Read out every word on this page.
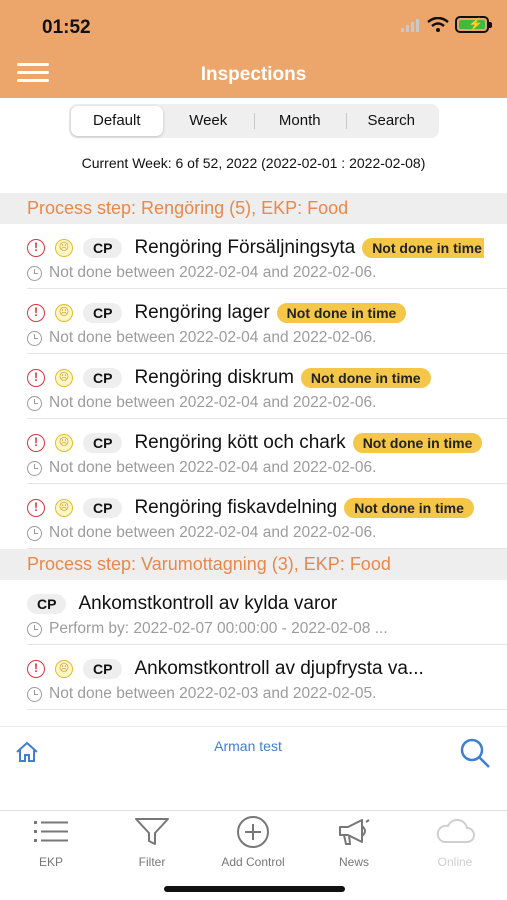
01:52	⚡
Inspections
Default	Week	Month	Search
Current Week: 6 of 52, 2022 (2022-02-01 : 2022-02-08)
Process step: Rengöring (5), EKP: Food
!	☹	CP	Rengöring Försäljningsyta	Not done in time
Not done between 2022-02-04 and 2022-02-06.
!	☹	CP	Rengöring lager	Not done in time
Not done between 2022-02-04 and 2022-02-06.
!	☹	CP	Rengöring diskrum	Not done in time
Not done between 2022-02-04 and 2022-02-06.
!	☹	CP	Rengöring kött och chark	Not done in time
Not done between 2022-02-04 and 2022-02-06.
!	☹	CP	Rengöring fiskavdelning	Not done in time
Not done between 2022-02-04 and 2022-02-06.
Process step: Varumottagning (3), EKP: Food
CP	Ankomstkontroll av kylda varor
Perform by: 2022-02-07 00:00:00 - 2022-02-08 ...
!	☹	CP	Ankomstkontroll av djupfrysta va...
Not done between 2022-02-03 and 2022-02-05.
Arman test
EKP	Filter	Add Control	News	Online
